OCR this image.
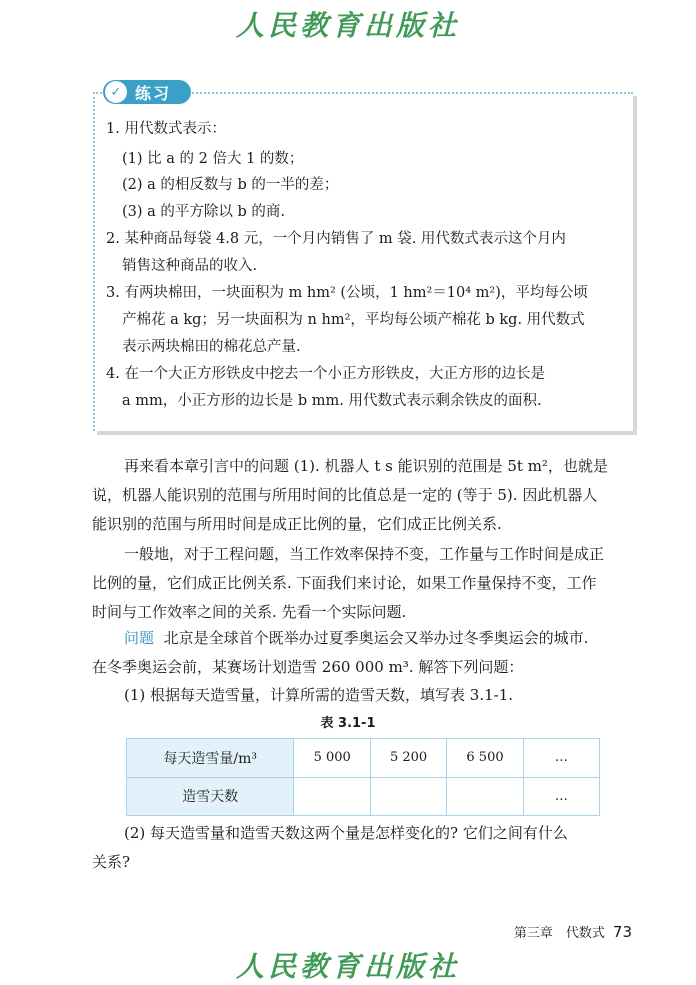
人民教育出版社
✓ 练习
1. 用代数式表示：
(1) 比 a 的 2 倍大 1 的数；
(2) a 的相反数与 b 的一半的差；
(3) a 的平方除以 b 的商.
2. 某种商品每袋 4.8 元，一个月内销售了 m 袋. 用代数式表示这个月内
销售这种商品的收入.
3. 有两块棉田，一块面积为 m hm² (公顷，1 hm²＝10⁴ m²)，平均每公顷
产棉花 a kg；另一块面积为 n hm²，平均每公顷产棉花 b kg. 用代数式
表示两块棉田的棉花总产量.
4. 在一个大正方形铁皮中挖去一个小正方形铁皮，大正方形的边长是
a mm，小正方形的边长是 b mm. 用代数式表示剩余铁皮的面积.
再来看本章引言中的问题 (1). 机器人 t s 能识别的范围是 5t m²，也就是
说，机器人能识别的范围与所用时间的比值总是一定的 (等于 5). 因此机器人
能识别的范围与所用时间是成正比例的量，它们成正比例关系.
一般地，对于工程问题，当工作效率保持不变，工作量与工作时间是成正
比例的量，它们成正比例关系. 下面我们来讨论，如果工作量保持不变，工作
时间与工作效率之间的关系. 先看一个实际问题.
问题 北京是全球首个既举办过夏季奥运会又举办过冬季奥运会的城市.
在冬季奥运会前，某赛场计划造雪 260 000 m³. 解答下列问题：
(1) 根据每天造雪量，计算所需的造雪天数，填写表 3.1-1.
表 3.1-1
每天造雪量/m³	5 000	5 200	6 500	…
造雪天数				…
(2) 每天造雪量和造雪天数这两个量是怎样变化的? 它们之间有什么
关系?
第三章　代数式 73
人民教育出版社
